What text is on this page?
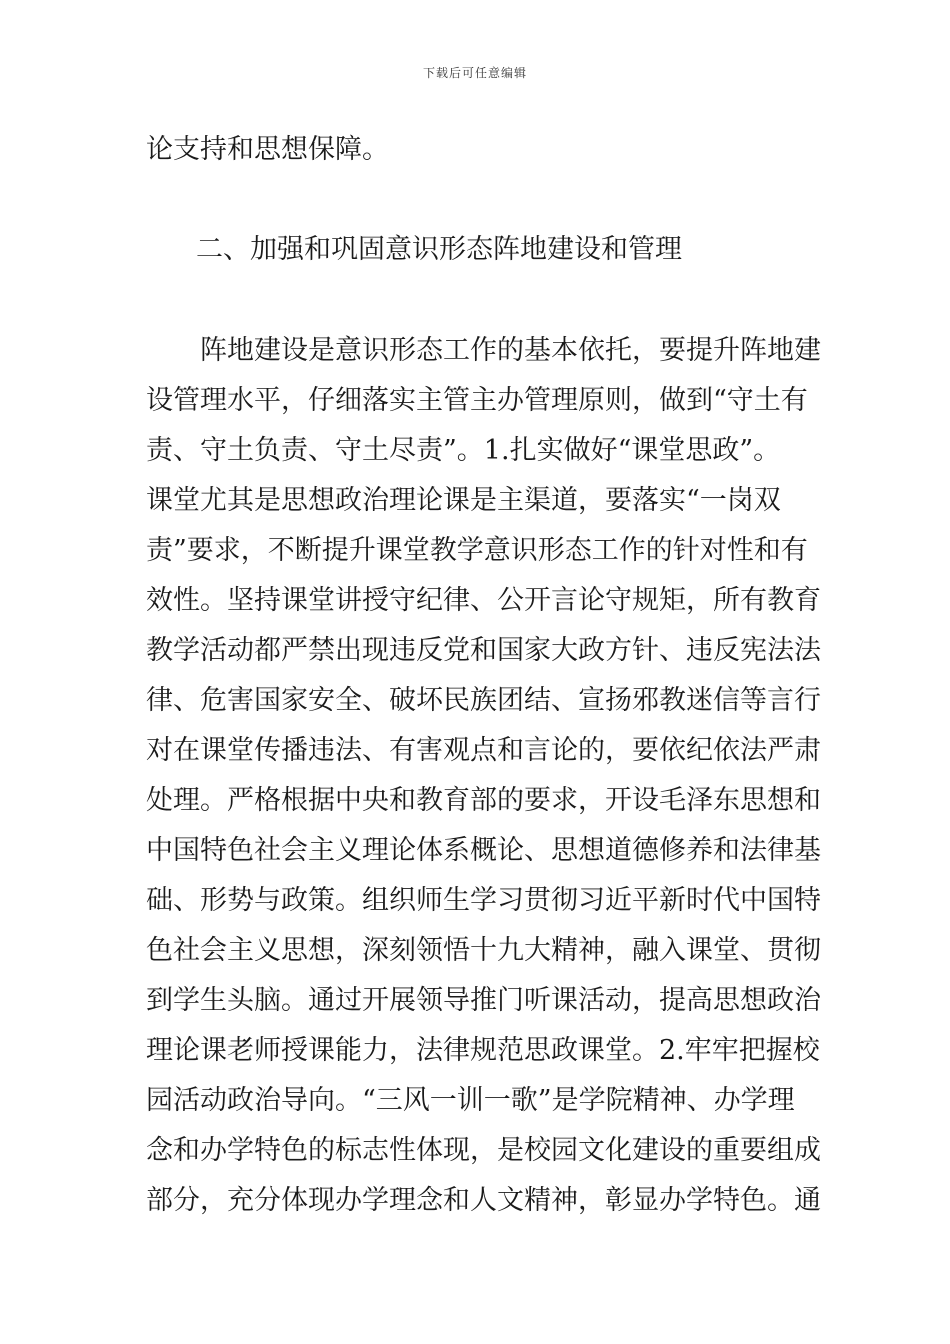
下载后可任意编辑

论支持和思想保障。

二、加强和巩固意识形态阵地建设和管理

　　阵地建设是意识形态工作的基本依托，要提升阵地建

设管理水平，仔细落实主管主办管理原则，做到“守土有

责、守土负责、守土尽责”。1.扎实做好“课堂思政”。

课堂尤其是思想政治理论课是主渠道，要落实“一岗双

责”要求，不断提升课堂教学意识形态工作的针对性和有

效性。坚持课堂讲授守纪律、公开言论守规矩，所有教育

教学活动都严禁出现违反党和国家大政方针、违反宪法法

律、危害国家安全、破坏民族团结、宣扬邪教迷信等言行

对在课堂传播违法、有害观点和言论的，要依纪依法严肃

处理。严格根据中央和教育部的要求，开设毛泽东思想和

中国特色社会主义理论体系概论、思想道德修养和法律基

础、形势与政策。组织师生学习贯彻习近平新时代中国特

色社会主义思想，深刻领悟十九大精神，融入课堂、贯彻

到学生头脑。通过开展领导推门听课活动，提高思想政治

理论课老师授课能力，法律规范思政课堂。2.牢牢把握校

园活动政治导向。“三风一训一歌”是学院精神、办学理

念和办学特色的标志性体现，是校园文化建设的重要组成

部分，充分体现办学理念和人文精神，彰显办学特色。通
